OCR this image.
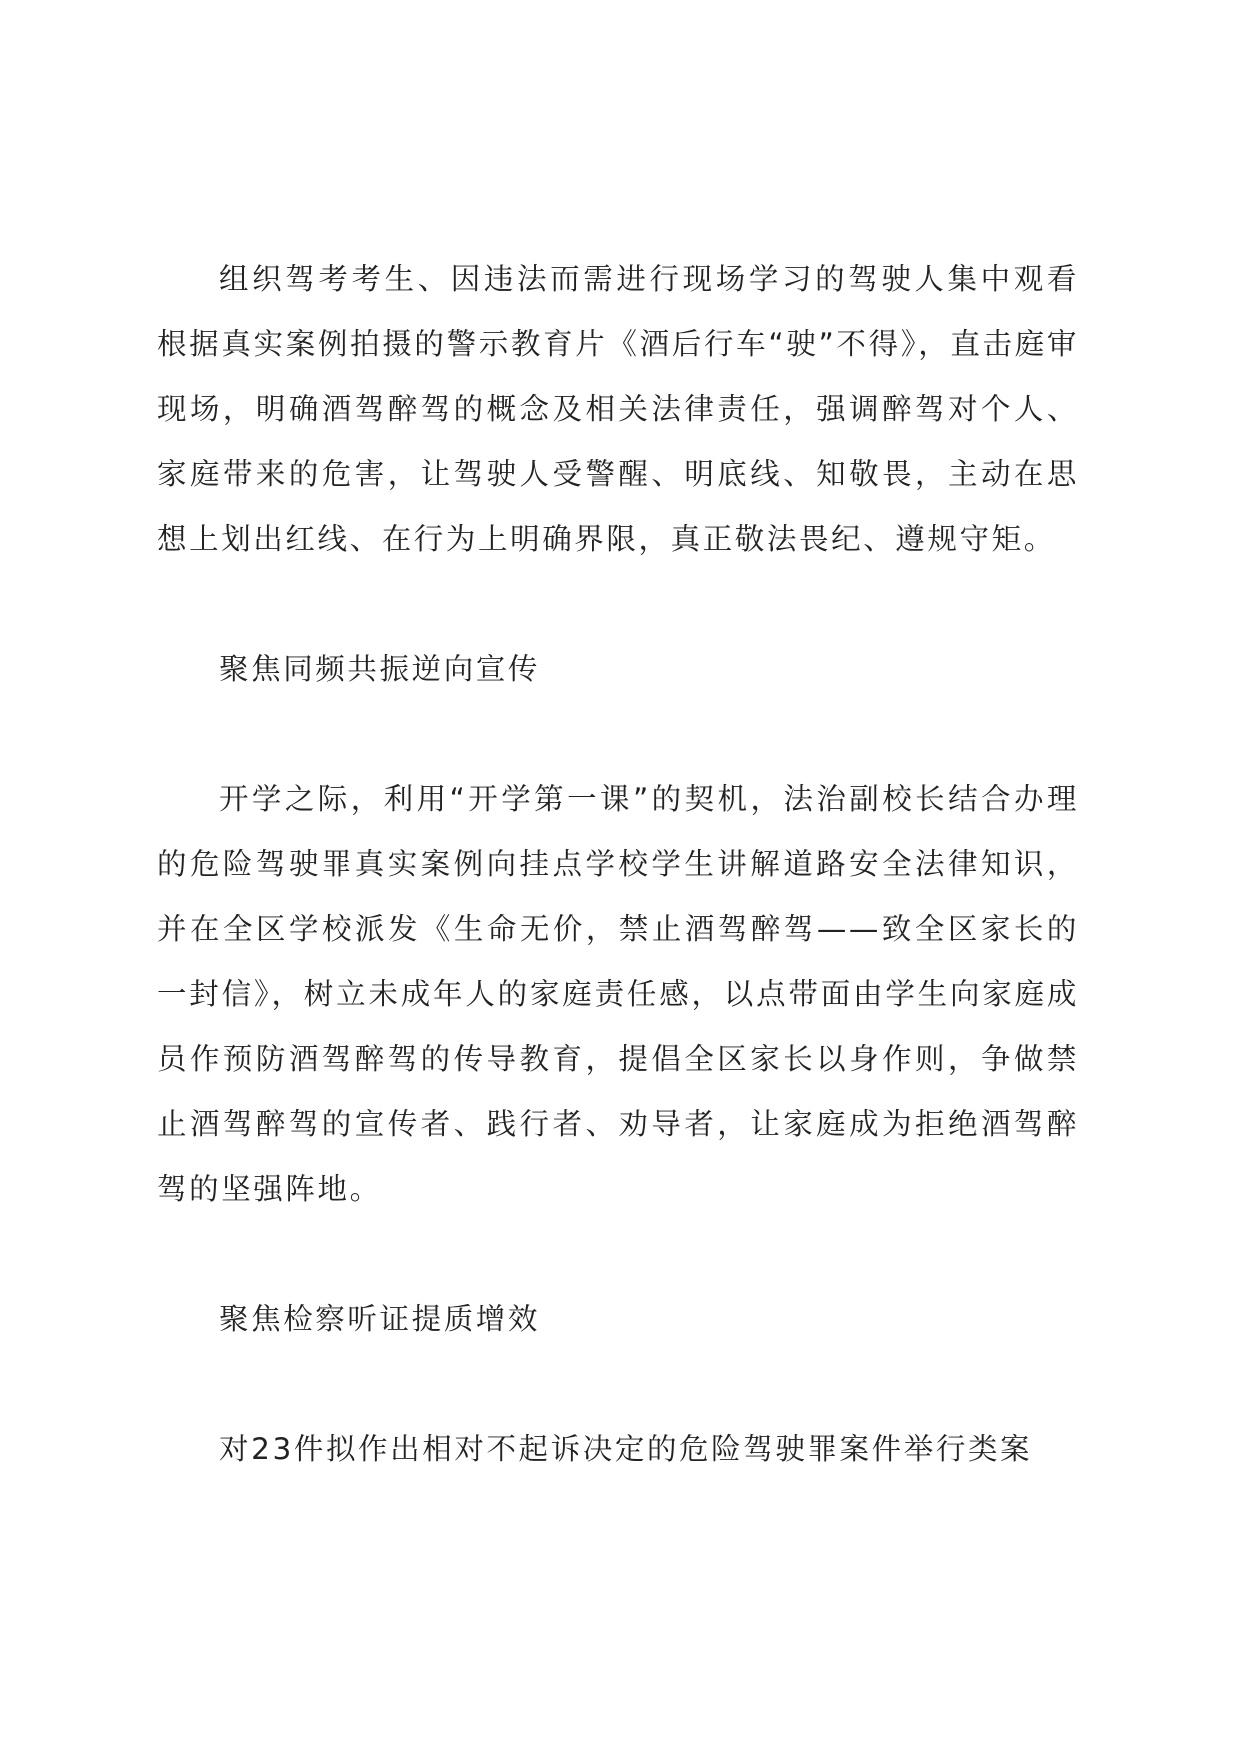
组织驾考考生、因违法而需进行现场学习的驾驶人集中观看根据真实案例拍摄的警示教育片《酒后行车“驶”不得》，直击庭审现场，明确酒驾醉驾的概念及相关法律责任，强调醉驾对个人、家庭带来的危害，让驾驶人受警醒、明底线、知敬畏，主动在思想上划出红线、在行为上明确界限，真正敬法畏纪、遵规守矩。

聚焦同频共振逆向宣传

开学之际，利用“开学第一课”的契机，法治副校长结合办理的危险驾驶罪真实案例向挂点学校学生讲解道路安全法律知识，并在全区学校派发《生命无价，禁止酒驾醉驾——致全区家长的一封信》，树立未成年人的家庭责任感，以点带面由学生向家庭成员作预防酒驾醉驾的传导教育，提倡全区家长以身作则，争做禁止酒驾醉驾的宣传者、践行者、劝导者，让家庭成为拒绝酒驾醉驾的坚强阵地。

聚焦检察听证提质增效

对23件拟作出相对不起诉决定的危险驾驶罪案件举行类案
